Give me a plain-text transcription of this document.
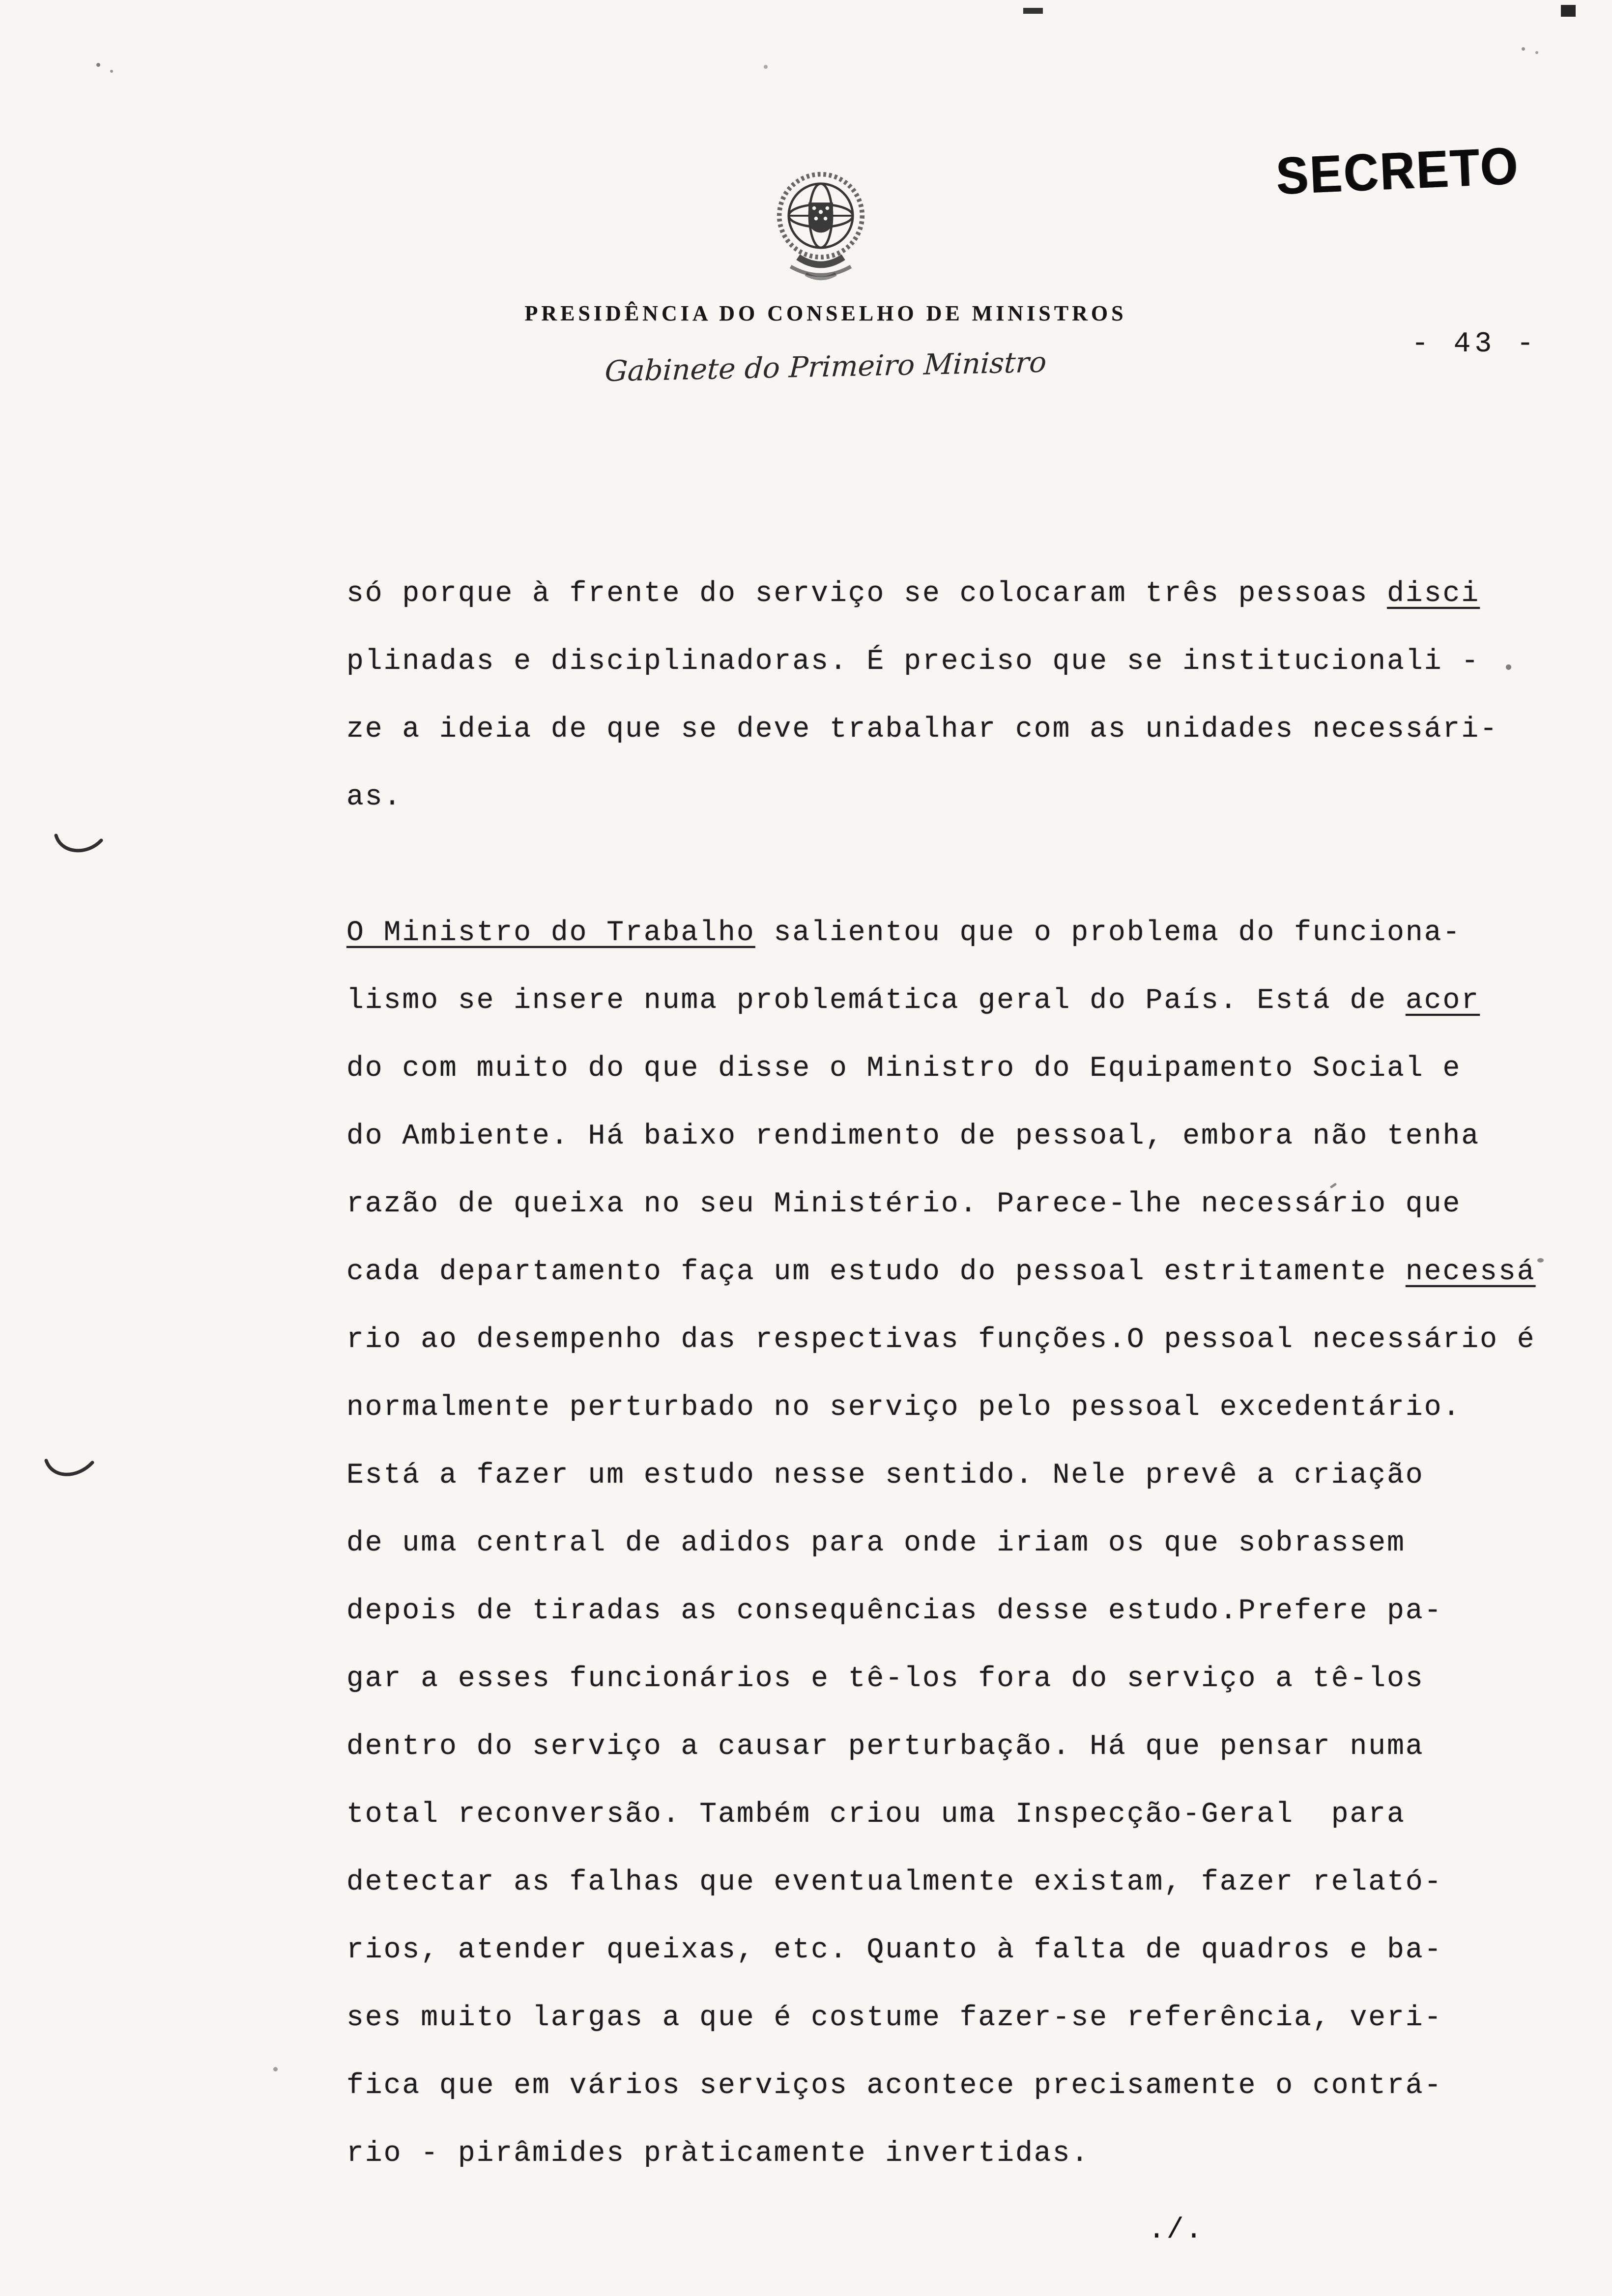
SECRETO
PRESIDÊNCIA DO CONSELHO DE MINISTROS
Gabinete do Primeiro Ministro
- 43 -
só porque à frente do serviço se colocaram três pessoas disci
plinadas e disciplinadoras. É preciso que se institucionali -
ze a ideia de que se deve trabalhar com as unidades necessári-
as.
O Ministro do Trabalho salientou que o problema do funciona-
lismo se insere numa problemática geral do País. Está de acor
do com muito do que disse o Ministro do Equipamento Social e
do Ambiente. Há baixo rendimento de pessoal, embora não tenha
razão de queixa no seu Ministério. Parece-lhe necessário que
cada departamento faça um estudo do pessoal estritamente necessá
rio ao desempenho das respectivas funções.O pessoal necessário é
normalmente perturbado no serviço pelo pessoal excedentário.
Está a fazer um estudo nesse sentido. Nele prevê a criação
de uma central de adidos para onde iriam os que sobrassem
depois de tiradas as consequências desse estudo.Prefere pa-
gar a esses funcionários e tê-los fora do serviço a tê-los
dentro do serviço a causar perturbação. Há que pensar numa
total reconversão. Também criou uma Inspecção-Geral  para
detectar as falhas que eventualmente existam, fazer relató-
rios, atender queixas, etc. Quanto à falta de quadros e ba-
ses muito largas a que é costume fazer-se referência, veri-
fica que em vários serviços acontece precisamente o contrá-
rio - pirâmides pràticamente invertidas.
./.
